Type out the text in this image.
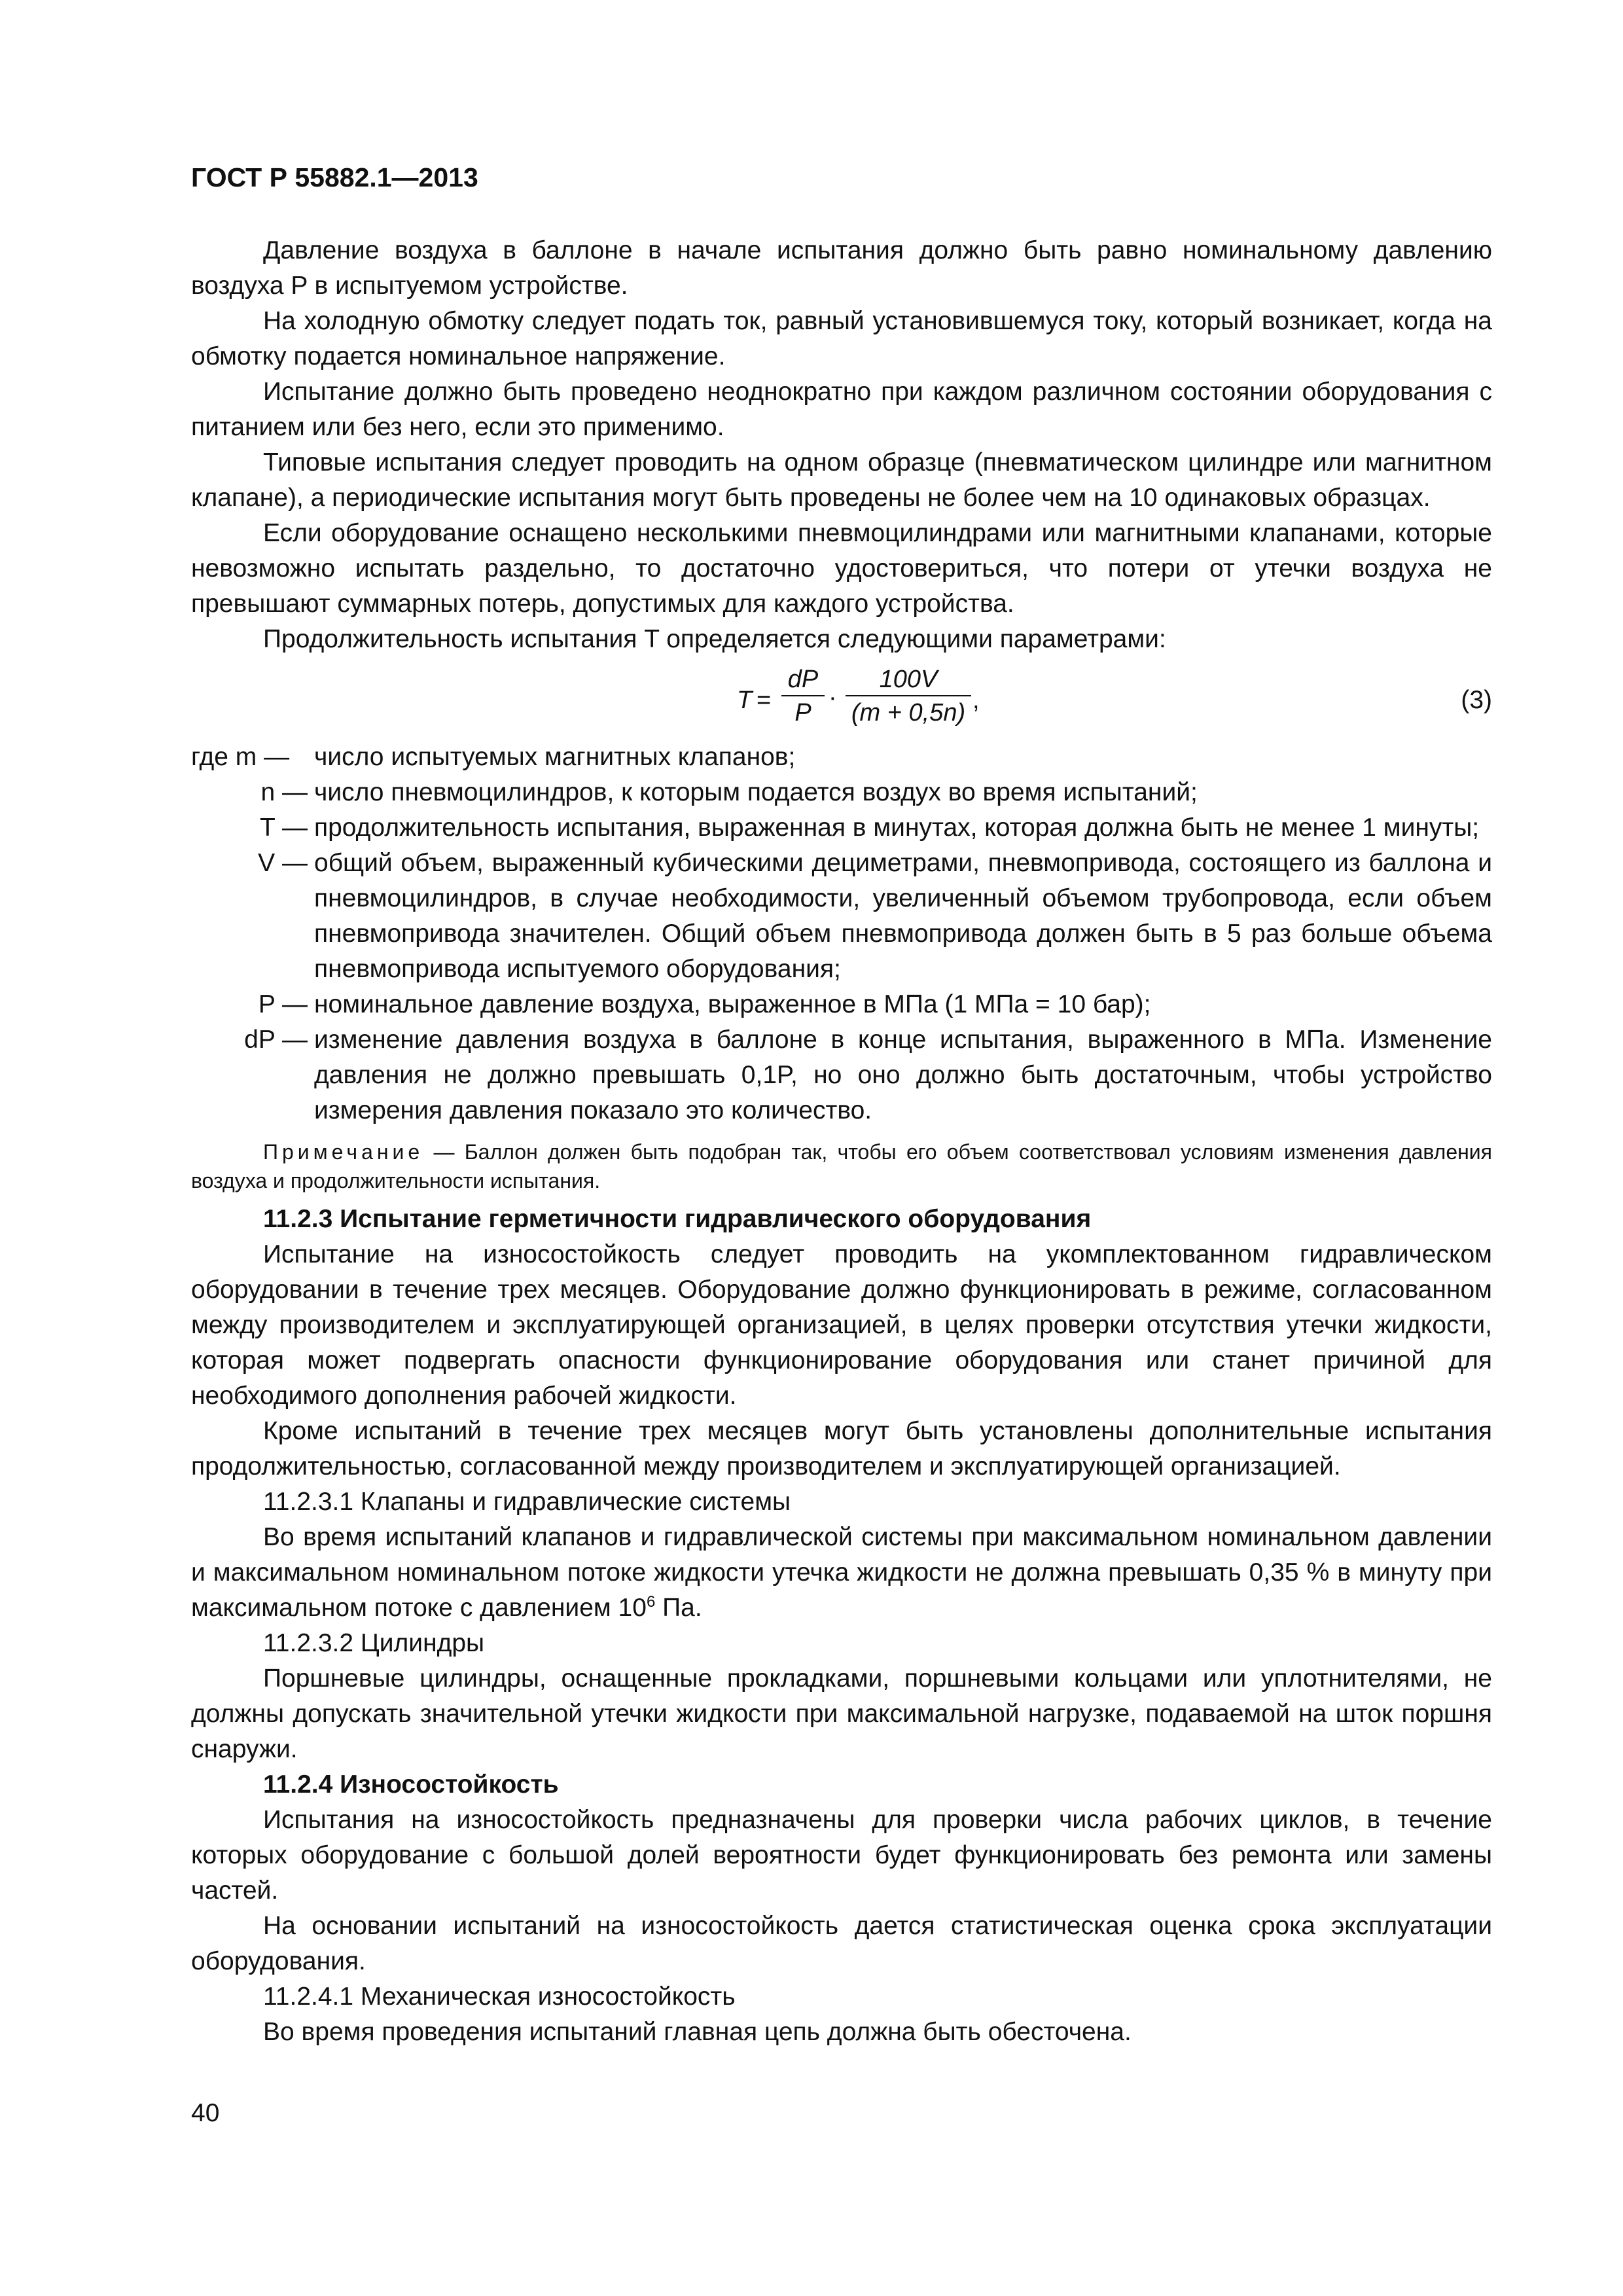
ГОСТ Р 55882.1—2013

Давление воздуха в баллоне в начале испытания должно быть равно номинальному давлению воздуха P в испытуемом устройстве.

На холодную обмотку следует подать ток, равный установившемуся току, который возникает, когда на обмотку подается номинальное напряжение.

Испытание должно быть проведено неоднократно при каждом различном состоянии оборудования с питанием или без него, если это применимо.

Типовые испытания следует проводить на одном образце (пневматическом цилиндре или магнитном клапане), а периодические испытания могут быть проведены не более чем на 10 одинаковых образцах.

Если оборудование оснащено несколькими пневмоцилиндрами или магнитными клапанами, которые невозможно испытать раздельно, то достаточно удостовериться, что потери от утечки воздуха не превышают суммарных потерь, допустимых для каждого устройства.

Продолжительность испытания T определяется следующими параметрами:

$T = \frac{dP}{P} \cdot \frac{100V}{(m + 0,5n)}$ ,	(3)
где m — число испытуемых магнитных клапанов;
n — число пневмоцилиндров, к которым подается воздух во время испытаний;
T — продолжительность испытания, выраженная в минутах, которая должна быть не менее 1 минуты;
V — общий объем, выраженный кубическими дециметрами, пневмопривода, состоящего из баллона и пневмоцилиндров, в случае необходимости, увеличенный объемом трубопровода, если объем пневмопривода значителен. Общий объем пневмопривода должен быть в 5 раз больше объема пневмопривода испытуемого оборудования;
P — номинальное давление воздуха, выраженное в МПа (1 МПа = 10 бар);
dP — изменение давления воздуха в баллоне в конце испытания, выраженного в МПа. Изменение давления не должно превышать 0,1P, но оно должно быть достаточным, чтобы устройство измерения давления показало это количество.

Примечание — Баллон должен быть подобран так, чтобы его объем соответствовал условиям изменения давления воздуха и продолжительности испытания.

11.2.3 Испытание герметичности гидравлического оборудования

Испытание на износостойкость следует проводить на укомплектованном гидравлическом оборудовании в течение трех месяцев. Оборудование должно функционировать в режиме, согласованном между производителем и эксплуатирующей организацией, в целях проверки отсутствия утечки жидкости, которая может подвергать опасности функционирование оборудования или станет причиной для необходимого дополнения рабочей жидкости.

Кроме испытаний в течение трех месяцев могут быть установлены дополнительные испытания продолжительностью, согласованной между производителем и эксплуатирующей организацией.

11.2.3.1 Клапаны и гидравлические системы

Во время испытаний клапанов и гидравлической системы при максимальном номинальном давлении и максимальном номинальном потоке жидкости утечка жидкости не должна превышать 0,35 % в минуту при максимальном потоке с давлением $10^6$ Па.

11.2.3.2 Цилиндры

Поршневые цилиндры, оснащенные прокладками, поршневыми кольцами или уплотнителями, не должны допускать значительной утечки жидкости при максимальной нагрузке, подаваемой на шток поршня снаружи.

11.2.4 Износостойкость

Испытания на износостойкость предназначены для проверки числа рабочих циклов, в течение которых оборудование с большой долей вероятности будет функционировать без ремонта или замены частей.

На основании испытаний на износостойкость дается статистическая оценка срока эксплуатации оборудования.

11.2.4.1 Механическая износостойкость

Во время проведения испытаний главная цепь должна быть обесточена.

40
